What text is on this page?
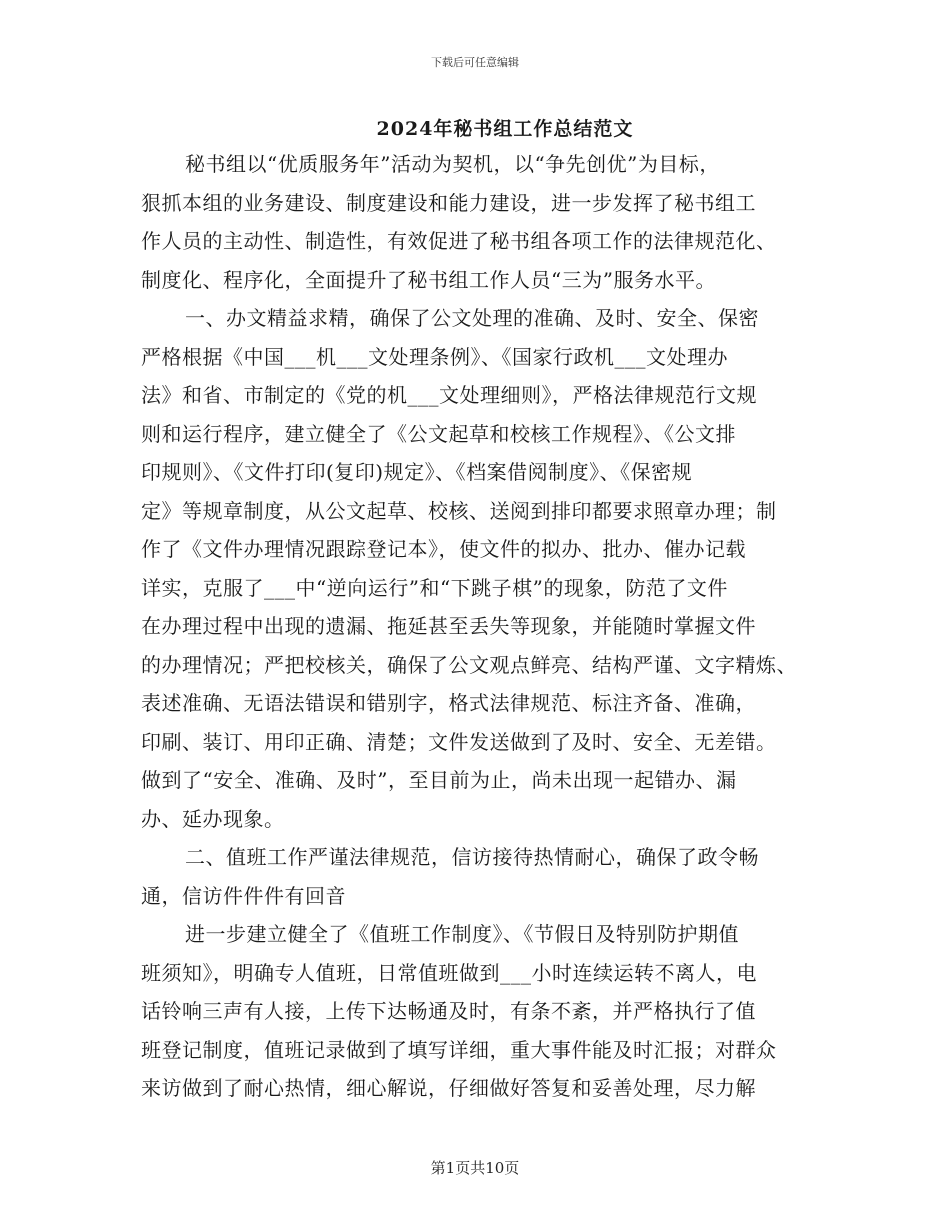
下载后可任意编辑
2024年秘书组工作总结范文
秘书组以“优质服务年”活动为契机，以“争先创优”为目标，
狠抓本组的业务建设、制度建设和能力建设，进一步发挥了秘书组工
作人员的主动性、制造性，有效促进了秘书组各项工作的法律规范化、
制度化、程序化，全面提升了秘书组工作人员“三为”服务水平。
一、办文精益求精，确保了公文处理的准确、及时、安全、保密
严格根据《中国___机___文处理条例》、《国家行政机___文处理办
法》和省、市制定的《党的机___文处理细则》，严格法律规范行文规
则和运行程序，建立健全了《公文起草和校核工作规程》、《公文排
印规则》、《文件打印(复印)规定》、《档案借阅制度》、《保密规
定》等规章制度，从公文起草、校核、送阅到排印都要求照章办理；制
作了《文件办理情况跟踪登记本》，使文件的拟办、批办、催办记载
详实，克服了___中“逆向运行”和“下跳子棋”的现象，防范了文件
在办理过程中出现的遗漏、拖延甚至丢失等现象，并能随时掌握文件
的办理情况；严把校核关，确保了公文观点鲜亮、结构严谨、文字精炼、
表述准确、无语法错误和错别字，格式法律规范、标注齐备、准确，
印刷、装订、用印正确、清楚；文件发送做到了及时、安全、无差错。
做到了“安全、准确、及时”，至目前为止，尚未出现一起错办、漏
办、延办现象。
二、值班工作严谨法律规范，信访接待热情耐心，确保了政令畅
通，信访件件件有回音
进一步建立健全了《值班工作制度》、《节假日及特别防护期值
班须知》，明确专人值班，日常值班做到___小时连续运转不离人，电
话铃响三声有人接，上传下达畅通及时，有条不紊，并严格执行了值
班登记制度，值班记录做到了填写详细，重大事件能及时汇报；对群众
来访做到了耐心热情，细心解说，仔细做好答复和妥善处理，尽力解
第1页共10页
